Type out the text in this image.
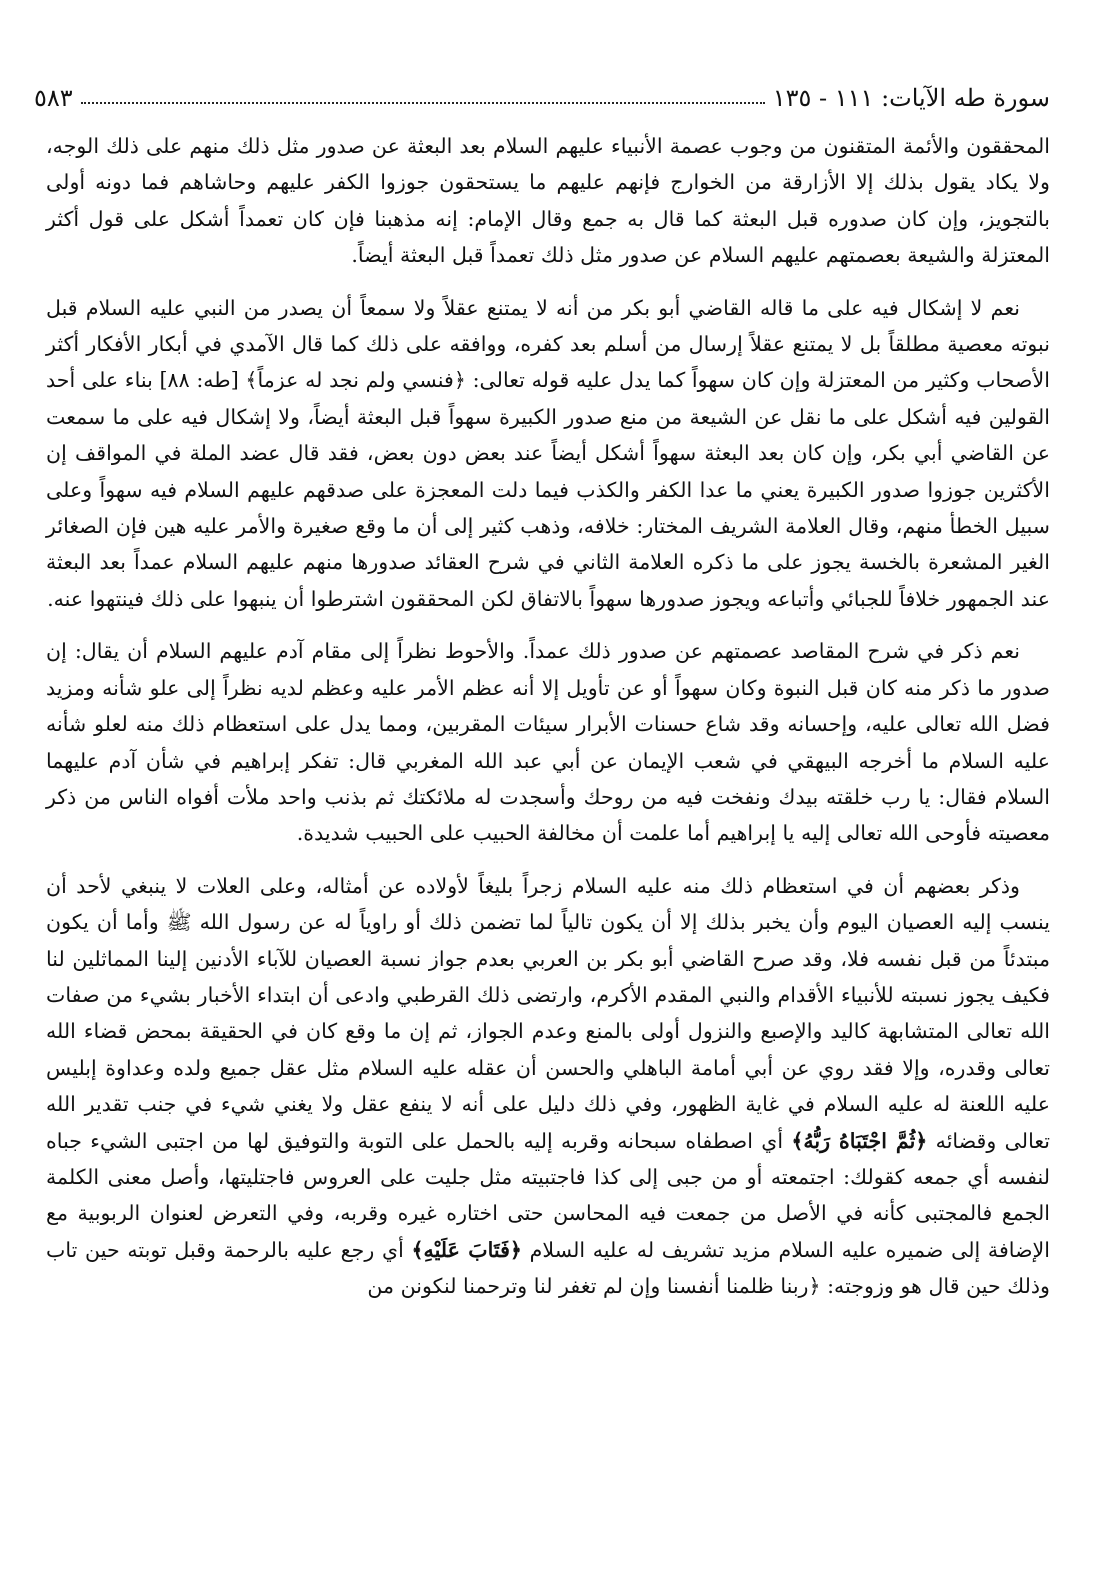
سورة طه الآيات: ١١١ - ١٣٥
٥٨٣

المحققون والأئمة المتقنون من وجوب عصمة الأنبياء عليهم السلام بعد البعثة عن صدور مثل ذلك منهم على ذلك الوجه، ولا يكاد يقول بذلك إلا الأزارقة من الخوارج فإنهم عليهم ما يستحقون جوزوا الكفر عليهم وحاشاهم فما دونه أولى بالتجويز، وإن كان صدوره قبل البعثة كما قال به جمع وقال الإمام: إنه مذهبنا فإن كان تعمداً أشكل على قول أكثر المعتزلة والشيعة بعصمتهم عليهم السلام عن صدور مثل ذلك تعمداً قبل البعثة أيضاً.

نعم لا إشكال فيه على ما قاله القاضي أبو بكر من أنه لا يمتنع عقلاً ولا سمعاً أن يصدر من النبي عليه السلام قبل نبوته معصية مطلقاً بل لا يمتنع عقلاً إرسال من أسلم بعد كفره، ووافقه على ذلك كما قال الآمدي في أبكار الأفكار أكثر الأصحاب وكثير من المعتزلة وإن كان سهواً كما يدل عليه قوله تعالى: ﴿فنسي ولم نجد له عزماً﴾ [طه: ٨٨] بناء على أحد القولين فيه أشكل على ما نقل عن الشيعة من منع صدور الكبيرة سهواً قبل البعثة أيضاً، ولا إشكال فيه على ما سمعت عن القاضي أبي بكر، وإن كان بعد البعثة سهواً أشكل أيضاً عند بعض دون بعض، فقد قال عضد الملة في المواقف إن الأكثرين جوزوا صدور الكبيرة يعني ما عدا الكفر والكذب فيما دلت المعجزة على صدقهم عليهم السلام فيه سهواً وعلى سبيل الخطأ منهم، وقال العلامة الشريف المختار: خلافه، وذهب كثير إلى أن ما وقع صغيرة والأمر عليه هين فإن الصغائر الغير المشعرة بالخسة يجوز على ما ذكره العلامة الثاني في شرح العقائد صدورها منهم عليهم السلام عمداً بعد البعثة عند الجمهور خلافاً للجبائي وأتباعه ويجوز صدورها سهواً بالاتفاق لكن المحققون اشترطوا أن ينبهوا على ذلك فينتهوا عنه.

نعم ذكر في شرح المقاصد عصمتهم عن صدور ذلك عمداً. والأحوط نظراً إلى مقام آدم عليهم السلام أن يقال: إن صدور ما ذكر منه كان قبل النبوة وكان سهواً أو عن تأويل إلا أنه عظم الأمر عليه وعظم لديه نظراً إلى علو شأنه ومزيد فضل الله تعالى عليه، وإحسانه وقد شاع حسنات الأبرار سيئات المقربين، ومما يدل على استعظام ذلك منه لعلو شأنه عليه السلام ما أخرجه البيهقي في شعب الإيمان عن أبي عبد الله المغربي قال: تفكر إبراهيم في شأن آدم عليهما السلام فقال: يا رب خلقته بيدك ونفخت فيه من روحك وأسجدت له ملائكتك ثم بذنب واحد ملأت أفواه الناس من ذكر معصيته فأوحى الله تعالى إليه يا إبراهيم أما علمت أن مخالفة الحبيب على الحبيب شديدة.

وذكر بعضهم أن في استعظام ذلك منه عليه السلام زجراً بليغاً لأولاده عن أمثاله، وعلى العلات لا ينبغي لأحد أن ينسب إليه العصيان اليوم وأن يخبر بذلك إلا أن يكون تالياً لما تضمن ذلك أو راوياً له عن رسول الله ﷺ وأما أن يكون مبتدئاً من قبل نفسه فلا، وقد صرح القاضي أبو بكر بن العربي بعدم جواز نسبة العصيان للآباء الأدنين إلينا المماثلين لنا فكيف يجوز نسبته للأنبياء الأقدام والنبي المقدم الأكرم، وارتضى ذلك القرطبي وادعى أن ابتداء الأخبار بشيء من صفات الله تعالى المتشابهة كاليد والإصبع والنزول أولى بالمنع وعدم الجواز، ثم إن ما وقع كان في الحقيقة بمحض قضاء الله تعالى وقدره، وإلا فقد روي عن أبي أمامة الباهلي والحسن أن عقله عليه السلام مثل عقل جميع ولده وعداوة إبليس عليه اللعنة له عليه السلام في غاية الظهور، وفي ذلك دليل على أنه لا ينفع عقل ولا يغني شيء في جنب تقدير الله تعالى وقضائه ﴿ثُمَّ اجْتَبَاهُ رَبُّهُ﴾ أي اصطفاه سبحانه وقربه إليه بالحمل على التوبة والتوفيق لها من اجتبى الشيء جباه لنفسه أي جمعه كقولك: اجتمعته أو من جبى إلى كذا فاجتبيته مثل جليت على العروس فاجتليتها، وأصل معنى الكلمة الجمع فالمجتبى كأنه في الأصل من جمعت فيه المحاسن حتى اختاره غيره وقربه، وفي التعرض لعنوان الربوبية مع الإضافة إلى ضميره عليه السلام مزيد تشريف له عليه السلام ﴿فَتَابَ عَلَيْهِ﴾ أي رجع عليه بالرحمة وقبل توبته حين تاب وذلك حين قال هو وزوجته: ﴿ربنا ظلمنا أنفسنا وإن لم تغفر لنا وترحمنا لنكونن من
